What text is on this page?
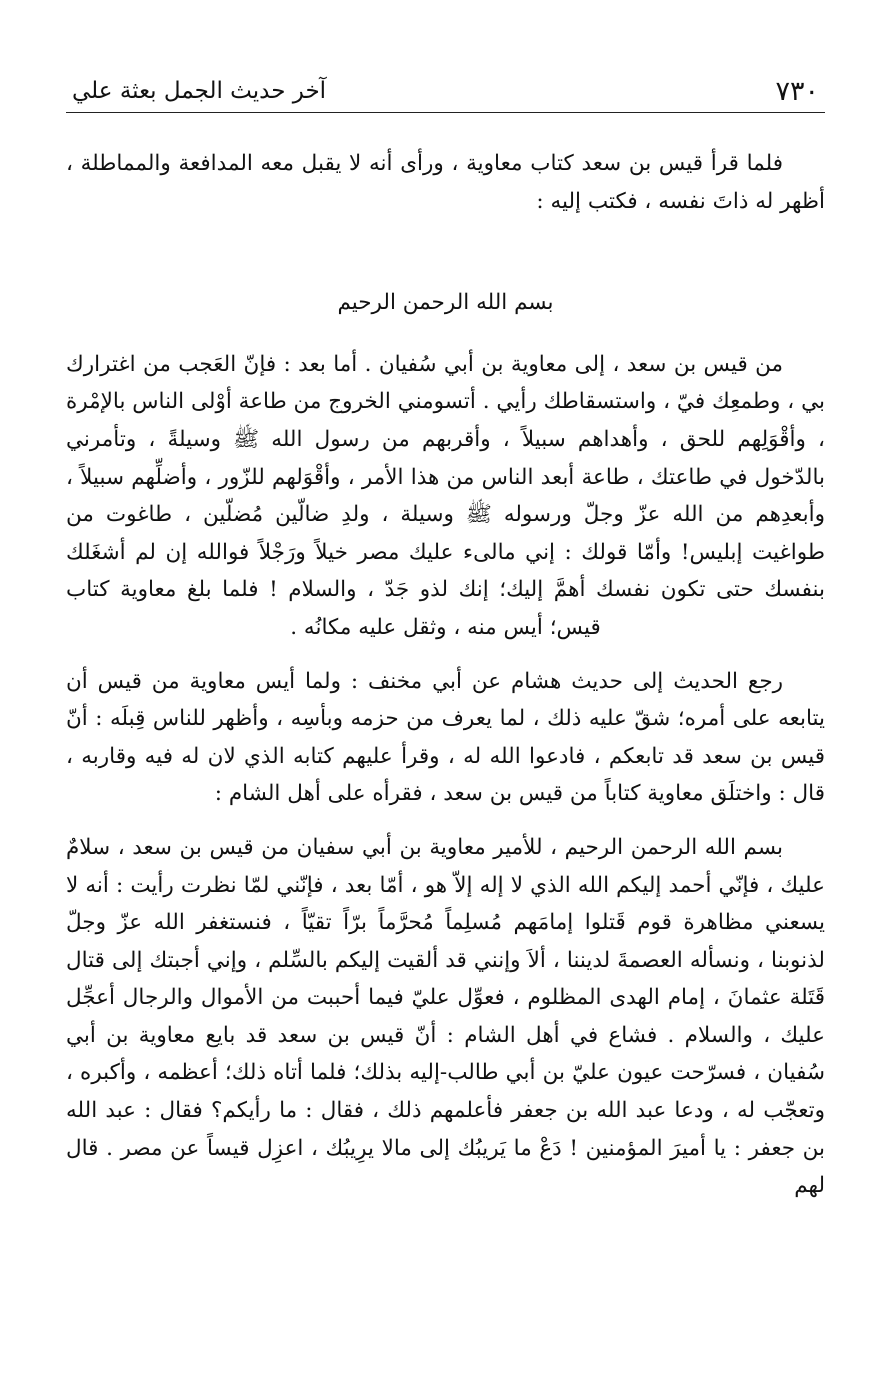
٧٣٠
آخر حديث الجمل بعثة علي

فلما قرأ قيس بن سعد كتاب معاوية ، ورأى أنه لا يقبل معه المدافعة والمماطلة ، أظهر له ذاتَ نفسه ، فكتب إليه :

بسم الله الرحمن الرحيم

من قيس بن سعد ، إلى معاوية بن أبي سُفيان . أما بعد : فإنّ العَجب من اغترارك بي ، وطمعِك فيّ ، واستسقاطك رأيي . أتسومني الخروج من طاعة أوْلى الناس بالإمْرة ، وأقْوَلِهم للحق ، وأهداهم سبيلاً ، وأقربهم من رسول الله ﷺ وسيلةً ، وتأمرني بالدّخول في طاعتك ، طاعة أبعد الناس من هذا الأمر ، وأقْوَلهم للزّور ، وأضلِّهم سبيلاً ، وأبعدِهم من الله عزّ وجلّ ورسوله ﷺ وسيلة ، ولدِ ضالّين مُضلّين ، طاغوت من طواغيت إبليس! وأمّا قولك : إني مالىء عليك مصر خيلاً ورَجْلاً فوالله إن لم أشغَلك بنفسك حتى تكون نفسك أهمَّ إليك؛ إنك لذو جَدّ ، والسلام ! فلما بلغ معاوية كتاب قيس؛ أيس منه ، وثقل عليه مكانُه .

رجع الحديث إلى حديث هشام عن أبي مخنف : ولما أيس معاوية من قيس أن يتابعه على أمره؛ شقّ عليه ذلك ، لما يعرف من حزمه وبأسِه ، وأظهر للناس قِبلَه : أنّ قيس بن سعد قد تابعكم ، فادعوا الله له ، وقرأ عليهم كتابه الذي لان له فيه وقاربه ، قال : واختلَق معاوية كتاباً من قيس بن سعد ، فقرأه على أهل الشام :

بسم الله الرحمن الرحيم ، للأمير معاوية بن أبي سفيان من قيس بن سعد ، سلامٌ عليك ، فإنّي أحمد إليكم الله الذي لا إله إلاّ هو ، أمّا بعد ، فإنّني لمّا نظرت رأيت : أنه لا يسعني مظاهرة قوم قَتلوا إمامَهم مُسلِماً مُحرَّماً برّاً تقيّاً ، فنستغفر الله عزّ وجلّ لذنوبنا ، ونسأله العصمةَ لديننا ، ألاَ وإنني قد ألقيت إليكم بالسِّلم ، وإني أجبتك إلى قتال قَتَلة عثمانَ ، إمام الهدى المظلوم ، فعوِّل عليّ فيما أحببت من الأموال والرجال أعجِّل عليك ، والسلام . فشاع في أهل الشام : أنّ قيس بن سعد قد بايع معاوية بن أبي سُفيان ، فسرّحت عيون عليّ بن أبي طالب-إليه بذلك؛ فلما أتاه ذلك؛ أعظمه ، وأكبره ، وتعجّب له ، ودعا عبد الله بن جعفر فأعلمهم ذلك ، فقال : ما رأيكم؟ فقال : عبد الله بن جعفر : يا أميرَ المؤمنين ! دَعْ ما يَريبُك إلى مالا يرِيبُك ، اعزِل قيساً عن مصر . قال لهم
